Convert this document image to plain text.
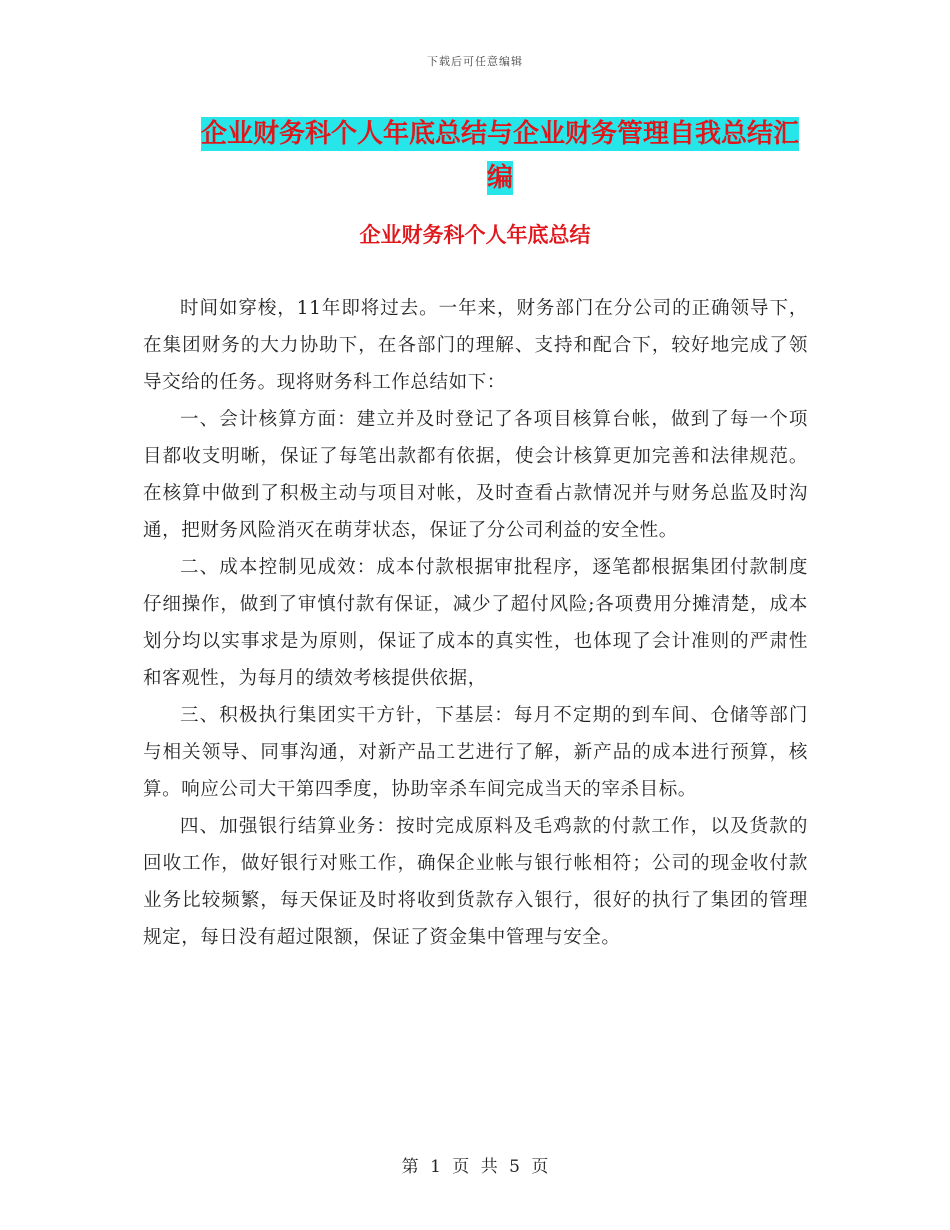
下载后可任意编辑
企业财务科个人年底总结与企业财务管理自我总结汇
编
企业财务科个人年底总结

时间如穿梭，11年即将过去。一年来，财务部门在分公司的正确领导下，在集团财务的大力协助下，在各部门的理解、支持和配合下，较好地完成了领导交给的任务。现将财务科工作总结如下：

一、会计核算方面：建立并及时登记了各项目核算台帐，做到了每一个项目都收支明晰，保证了每笔出款都有依据，使会计核算更加完善和法律规范。在核算中做到了积极主动与项目对帐，及时查看占款情况并与财务总监及时沟通，把财务风险消灭在萌芽状态，保证了分公司利益的安全性。

二、成本控制见成效：成本付款根据审批程序，逐笔都根据集团付款制度仔细操作，做到了审慎付款有保证，减少了超付风险;各项费用分摊清楚，成本划分均以实事求是为原则，保证了成本的真实性，也体现了会计准则的严肃性和客观性，为每月的绩效考核提供依据，

三、积极执行集团实干方针，下基层：每月不定期的到车间、仓储等部门与相关领导、同事沟通，对新产品工艺进行了解，新产品的成本进行预算，核算。响应公司大干第四季度，协助宰杀车间完成当天的宰杀目标。

四、加强银行结算业务：按时完成原料及毛鸡款的付款工作，以及货款的回收工作，做好银行对账工作，确保企业帐与银行帐相符；公司的现金收付款业务比较频繁，每天保证及时将收到货款存入银行，很好的执行了集团的管理规定，每日没有超过限额，保证了资金集中管理与安全。

第 1 页 共 5 页
